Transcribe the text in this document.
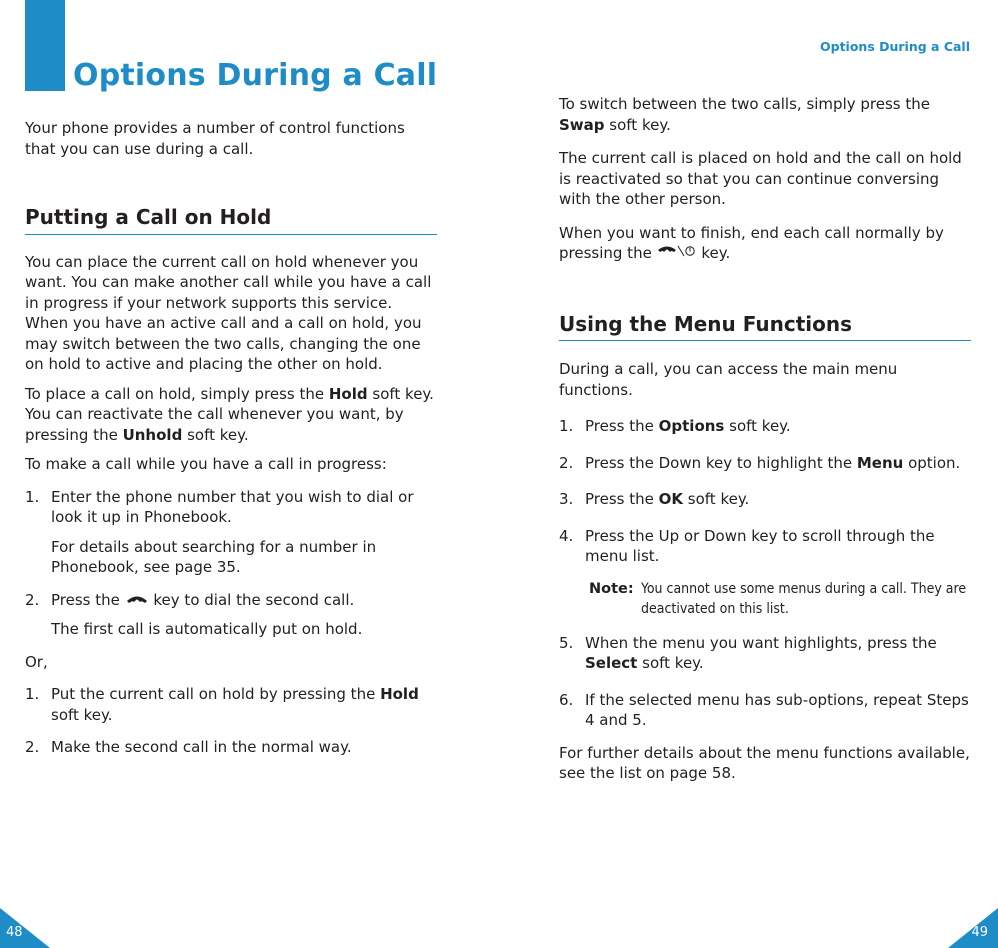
Options During a Call

Your phone provides a number of control functions that you can use during a call.

Putting a Call on Hold

You can place the current call on hold whenever you want. You can make another call while you have a call in progress if your network supports this service. When you have an active call and a call on hold, you may switch between the two calls, changing the one on hold to active and placing the other on hold.

To place a call on hold, simply press the Hold soft key. You can reactivate the call whenever you want, by pressing the Unhold soft key.

To make a call while you have a call in progress:

1. Enter the phone number that you wish to dial or look it up in Phonebook.
For details about searching for a number in Phonebook, see page 35.
2. Press the  key to dial the second call.
The first call is automatically put on hold.

Or,

1. Put the current call on hold by pressing the Hold soft key.
2. Make the second call in the normal way.
Options During a Call

To switch between the two calls, simply press the Swap soft key.

The current call is placed on hold and the call on hold is reactivated so that you can continue conversing with the other person.

When you want to finish, end each call normally by pressing the	key.

Using the Menu Functions

During a call, you can access the main menu functions.

1. Press the Options soft key.
2. Press the Down key to highlight the Menu option.
3. Press the OK soft key.
4. Press the Up or Down key to scroll through the menu list.
Note: You cannot use some menus during a call. They are deactivated on this list.
5. When the menu you want highlights, press the Select soft key.
6. If the selected menu has sub-options, repeat Steps 4 and 5.

For further details about the menu functions available, see the list on page 58.

48	49
